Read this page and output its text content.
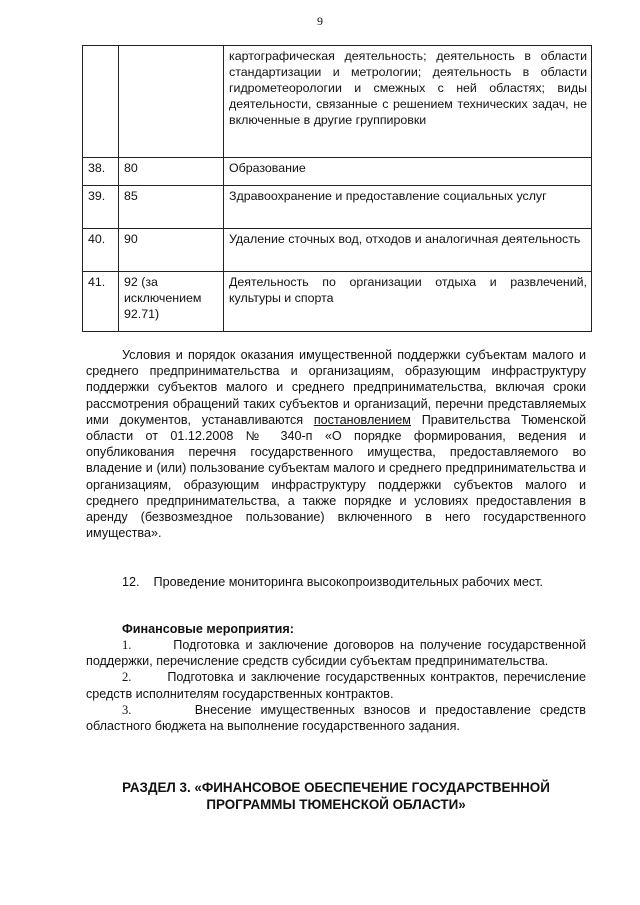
9
		картографическая деятельность; деятельность в области стандартизации и метрологии; деятельность в области гидрометеорологии и смежных с ней областях; виды деятельности, связанные с решением технических задач, не включенные в другие группировки
38.	80	Образование
39.	85	Здравоохранение и предоставление социальных услуг
40.	90	Удаление сточных вод, отходов и аналогичная деятельность
41.	92 (за исключением 92.71)	Деятельность по организации отдыха и развлечений, культуры и спорта

Условия и порядок оказания имущественной поддержки субъектам малого и среднего предпринимательства и организациям, образующим инфраструктуру поддержки субъектов малого и среднего предпринимательства, включая сроки рассмотрения обращений таких субъектов и организаций, перечни представляемых ими документов, устанавливаются постановлением Правительства Тюменской области от 01.12.2008 № 340-п «О порядке формирования, ведения и опубликования перечня государственного имущества, предоставляемого во владение и (или) пользование субъектам малого и среднего предпринимательства и организациям, образующим инфраструктуру поддержки субъектов малого и среднего предпринимательства, а также порядке и условиях предоставления в аренду (безвозмездное пользование) включенного в него государственного имущества».

12. Проведение мониторинга высокопроизводительных рабочих мест.

Финансовые мероприятия:

1.	Подготовка и заключение договоров на получение государственной поддержки, перечисление средств субсидии субъектам предпринимательства.

2.	Подготовка и заключение государственных контрактов, перечисление средств исполнителям государственных контрактов.

3.	Внесение имущественных взносов и предоставление средств областного бюджета на выполнение государственного задания.

РАЗДЕЛ 3. «ФИНАНСОВОЕ ОБЕСПЕЧЕНИЕ ГОСУДАРСТВЕННОЙ
ПРОГРАММЫ ТЮМЕНСКОЙ ОБЛАСТИ»
